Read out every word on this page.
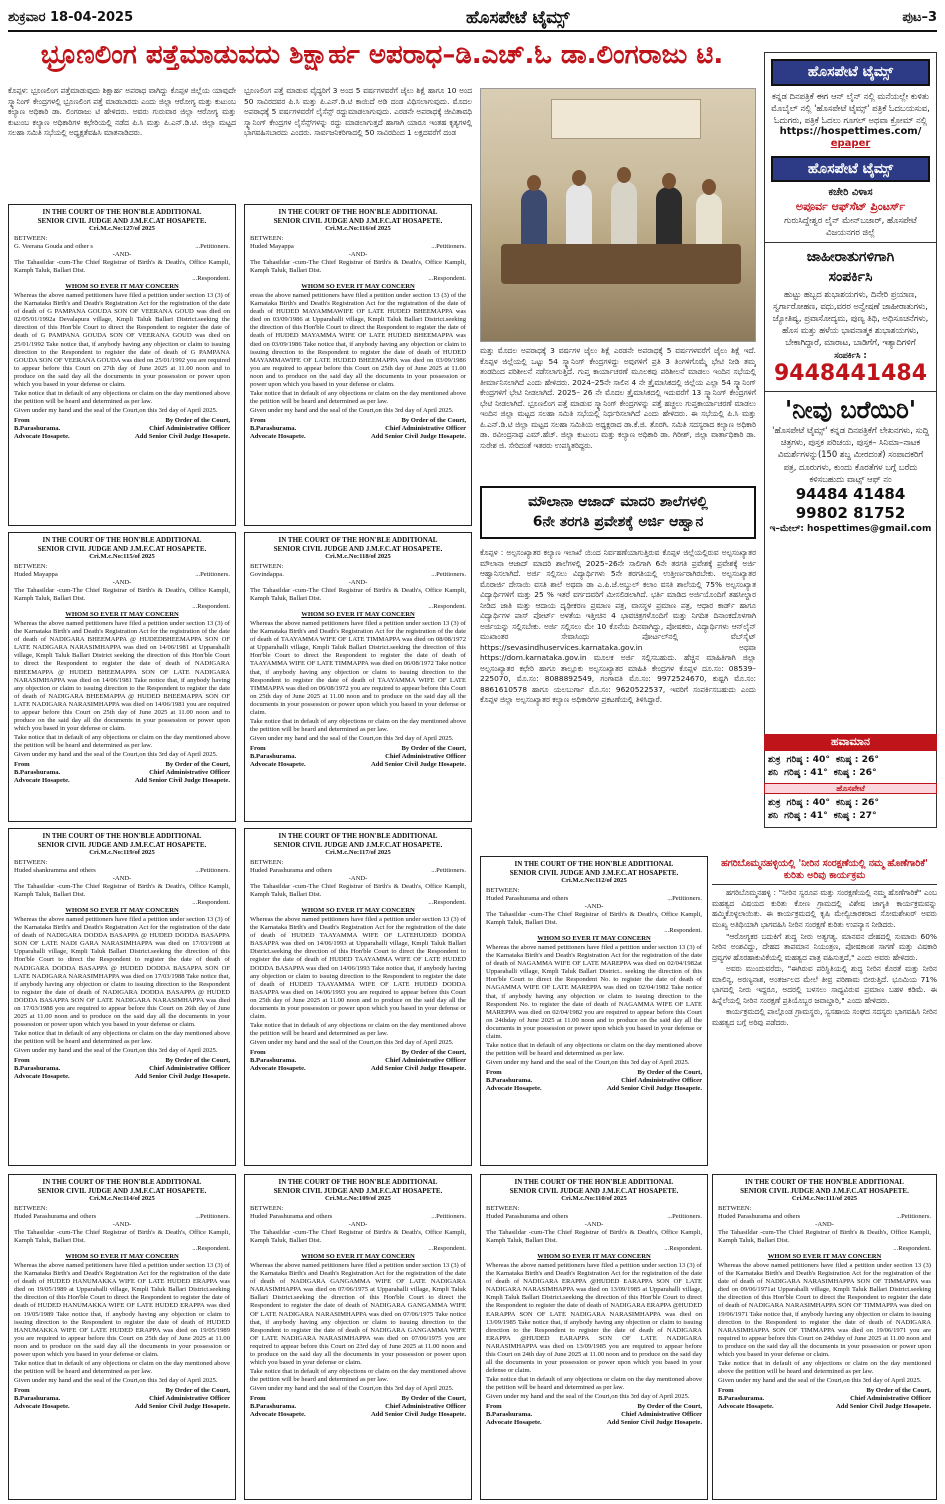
ಶುಕ್ರವಾರ 18-04-2025	ಹೊಸಪೇಟೆ ಟೈಮ್ಸ್	ಪುಟ–3
ಭ್ರೂಣಲಿಂಗ ಪತ್ತೆಮಾಡುವದು ಶಿಕ್ಷಾರ್ಹ ಅಪರಾಧ–ಡಿ.ಎಚ್.ಓ ಡಾ.ಲಿಂಗರಾಜು ಟಿ.
ಕೊಪ್ಪಳ: ಭ್ರೂಣಲಿಂಗ ಪತ್ತೆಮಾಡುವುದು ಶಿಕ್ಷಾರ್ಹ ಅಪರಾಧ ವಾಗಿದ್ದು ಕೊಪ್ಪಳ ಜಿಲ್ಲೆಯ ಯಾವುದೇ ಸ್ಕ್ಯಾನಿಂಗ್ ಕೇಂದ್ರಗಳಲ್ಲಿ ಭ್ರೂಣಲಿಂಗ ಪತ್ತೆ ಮಾಡಬಾರದು ಎಂದು ಜಿಲ್ಲಾ ಆರೋಗ್ಯ ಮತ್ತು ಕುಟುಂಬ ಕಲ್ಯಾಣ ಅಧಿಕಾರಿ ಡಾ. ಲಿಂಗರಾಜು ಟಿ ಹೇಳಿದರು. ಅವರು ಗುರುವಾರ ಜಿಲ್ಲಾ ಆರೋಗ್ಯ ಮತ್ತು ಕುಟುಂಬ ಕಲ್ಯಾಣ ಅಧಿಕಾರಿಗಳ ಕಛೇರಿಯಲ್ಲಿ ನಡೆದ ಪಿ.ಸಿ ಮತ್ತು ಪಿ.ಎನ್.ಡಿ.ಟಿ. ಜಿಲ್ಲಾ ಮಟ್ಟದ ಸಲಹಾ ಸಮಿತಿ ಸಭೆಯಲ್ಲಿ ಅಧ್ಯಕ್ಷತೆವಹಿಸಿ ಮಾತನಾಡಿದರು.
ಭ್ರೂಣಲಿಂಗ ಪತ್ತೆ ಮಾಡುವ ವೈದ್ಯರಿಗೆ 3 ಅಂದ 5 ವರ್ಷಗಳವರೆಗೆ ಜೈಲು ಶಿಕ್ಷೆ ಹಾಗೂ 10 ಅಂದ 50 ಸಾವಿರದವರ ಪಿ.ಸಿ ಮತ್ತು ಪಿ.ಎನ್.ಡಿ.ಟಿ ಕಾಯಿದೆ ಅಡಿ ದಂಡ ವಿಧಿಸಲಾಗುವುದು. ಮೊದಲ ಅಪರಾಧಕ್ಕೆ 5 ವರ್ಷಗಳವರೆಗೆ ಲೈಸೆನ್ಸ್ ರದ್ದುಮಾಡಲಾಗುವುದು. ಎರಡನೇ ಅಪರಾಧಕ್ಕೆ ಜೀವಿತಾವಧಿ ಸ್ಕ್ಯಾನಿಂಗ್ ಕೇಂದ್ರಗಳ ಲೈಸೆನ್ಸ್‌ಗಳನ್ನು ರದ್ದು ಮಾಡಲಾಗುತ್ತದೆ ಹಾಗಾಗಿ ಯಾರೂ ಇಂತಹ ಕೃತ್ಯಗಳಲ್ಲಿ ಭಾಗವಹಿಸಬಾರದು ಎಂದರು. ಸಾರ್ವಜನಿಕರಿಗಾದಲ್ಲಿ 50 ಸಾವಿರದಿಂದ 1 ಲಕ್ಷದವರೆಗೆ ದಂಡ
ಮತ್ತು ಮೊದಲ ಅಪರಾಧಕ್ಕೆ 3 ವರ್ಷಗಳ ಜೈಲು ಶಿಕ್ಷೆ ಎರಡನೇ ಅಪರಾಧಕ್ಕೆ 5 ವರ್ಷಗಳವರೆಗೆ ಜೈಲು ಶಿಕ್ಷೆ ಇದೆ. ಕೊಪ್ಪಳ ಜಿಲ್ಲೆಯಲ್ಲಿ ಒಟ್ಟು 54 ಸ್ಕ್ಯಾನಿಂಗ್ ಕೇಂದ್ರಗಳಿದ್ದು ಅವುಗಳಿಗೆ ಪ್ರತಿ 3 ತಿಂಗಳಿಗೊಮ್ಮೆ ಭೇಟಿ ನೀಡಿ ತಮ್ಮ ತಂಡದಿಂದ ಪರಿಶೀಲನೆ ನಡೆಸಲಾಗುತ್ತಿದೆ. ಗುಪ್ತ ಕಾರ್ಯಾಚರಣೆ ಮೂಲಕವು ಪರಿಶೀಲನೆ ಮಾಡಲು ಇಂದಿನ ಸಭೆಯಲ್ಲಿ ತೀರ್ಮಾನಿಸಲಾಗಿದೆ ಎಂದು ಹೇಳಿದರು. 2024–25ನೇ ಸಾಲಿನ 4 ನೇ ತ್ರೈಮಾಸಿಕದಲ್ಲಿ ಜಿಲ್ಲೆಯ ಎಲ್ಲಾ 54 ಸ್ಕ್ಯಾನಿಂಗ್ ಕೇಂದ್ರಗಳಿಗೆ ಭೇಟಿ ನೀಡಲಾಗಿದೆ. 2025– 26 ನೇ ಮೊದಲ ತ್ರೈಮಾಸಿಕದಲ್ಲಿ ಇದುವರೆಗೆ 13 ಸ್ಕ್ಯಾನಿಂಗ್ ಕೇಂದ್ರಗಳಿಗೆ ಭೇಟಿ ನೀಡಲಾಗಿದೆ. ಭ್ರೂಣಲಿಂಗ ಪತ್ತೆ ಮಾಡುವ ಸ್ಕ್ಯಾನಿಂಗ್ ಕೇಂದ್ರಗಳನ್ನು ಪತ್ತೆ ಹಚ್ಚಲು ಗುಪ್ತಕಾರ್ಯಾಚರಣೆ ಮಾಡಲು ಇಂದಿನ ಜಿಲ್ಲಾ ಮಟ್ಟದ ಸಲಹಾ ಸಮಿತಿ ಸಭೆಯಲ್ಲಿ ನಿರ್ಧರಿಸಲಾಗಿದೆ ಎಂದು ಹೇಳಿದರು. ಈ ಸಭೆಯಲ್ಲಿ ಪಿ.ಸಿ ಮತ್ತು ಪಿ.ಎನ್.ಡಿ.ಟಿ ಜಿಲ್ಲಾ ಮಟ್ಟದ ಸಲಹಾ ಸಮಿತಿಯ ಅಧ್ಯಕ್ಷರಾದ ಡಾ.ಕೆ.ಜಿ. ತೊರಗಿ. ಸಮಿತಿ ಸದಸ್ಯರಾದ ಕಲ್ಯಾಣ ಅಧಿಕಾರಿ ಡಾ. ರವೀಂದ್ರನಾಥ ಎಮ್.ಹೆಚ್. ಜಿಲ್ಲಾ ಕುಟುಂಬ ಮತ್ತು ಕಲ್ಯಾಣ ಅಧಿಕಾರಿ ಡಾ. ಗಿರೀಶ್, ಜಿಲ್ಲಾ ವಾರ್ತಾಧಿಕಾರಿ ಡಾ. ಸುರೇಶ ಜಿ. ಸೇರಿದಂತೆ ಇತರರು ಉಪಸ್ಥಿತರಿದ್ದರು.
ಮೌಲಾನಾ ಆಜಾದ್ ಮಾದರಿ ಶಾಲೆಗಳಲ್ಲಿ
6ನೇ ತರಗತಿ ಪ್ರವೇಶಕ್ಕೆ ಅರ್ಜಿ ಆಹ್ವಾನ
ಕೊಪ್ಪಳ : ಅಲ್ಪಸಂಖ್ಯಾತರ ಕಲ್ಯಾಣ ಇಲಾಖೆ ಯಿಂದ ನಿರ್ವಹಣೆಯಾಗುತ್ತಿರುವ ಕೊಪ್ಪಳ ಜಿಲ್ಲೆಯಲ್ಲಿರುವ ಅಲ್ಪಸಂಖ್ಯಾತರ ಮೌಲಾನಾ ಆಜಾದ್ ಮಾದರಿ ಶಾಲೆಗಳಲ್ಲಿ 2025–26ನೇ ಸಾಲಿಗಾಗಿ 6ನೇ ತರಗತಿ ಪ್ರವೇಶಕ್ಕೆ ಪ್ರವೇಶಕ್ಕೆ ಅರ್ಜಿ ಆಹ್ವಾನಿಸಲಾಗಿದೆ. ಅರ್ಜಿ ಸಲ್ಲಿಸಲು ವಿದ್ಯಾರ್ಥಿಗಳು 5ನೇ ತರಗತಿಯಲ್ಲಿ ಉತ್ತೀರ್ಣರಾಗಿರಬೇಕು. ಅಲ್ಪಸಂಖ್ಯಾತರ ಮೊರಾರ್ಜಿ ದೇಸಾಯಿ ವಸತಿ ಶಾಲೆ ಅಥವಾ ಡಾ ಎ.ಪಿ.ಜೆ.ಅಬ್ದುಲ್ ಕಲಾಂ ವಸತಿ ಶಾಲೆಯಲ್ಲಿ 75% ಅಲ್ಪಸಂಖ್ಯಾತ ವಿದ್ಯಾರ್ಥಿಗಳಿಗೆ ಮತ್ತು 25 % ಇತರೆ ವರ್ಗದವರಿಗೆ ಮೀಸಲಿಡಲಾಗಿದೆ. ಭರ್ತಿ ಮಾಡಿದ ಅರ್ಜಿಯೊಂದಿಗೆ ತಹಸೀಲ್ದಾರ ನೀಡಿದ ಜಾತಿ ಮತ್ತು ಆದಾಯ ದೃಢೀಕರಣ ಪ್ರಮಾಣ ಪತ್ರ, ವಾಸಸ್ಥಳ ಪ್ರಮಾಣ ಪತ್ರ, ಆಧಾರ ಕಾರ್ಡ್ ಹಾಗೂ ವಿದ್ಯಾರ್ಥಿಗಳ ಪಾಸ್ ಪೋರ್ಟ್ ಅಳತೆಯ ಇತ್ತೀಚಿನ 4 ಭಾವಚಿತ್ರಗಳೊಂದಿಗೆ ಮತ್ತು ನಿಗದಿತ ದಿನಾಂಕದೊಳಗಾಗಿ ಅರ್ಜಿಯನ್ನು ಸಲ್ಲಿಸಬೇಕು. ಅರ್ಜಿ ಸಲ್ಲಿಸಲು ಮೇ 10 ಕೊನೆಯ ದಿನವಾಗಿದ್ದು, ಪೋಷಕರು, ವಿದ್ಯಾರ್ಥಿಗಳು ಆನ್‌ಲೈನ್ ಮುಖಾಂತರ ಸೇವಾಸಿಂಧು ಪೋರ್ಟಲ್‌ನಲ್ಲಿ ವೆಬ್‌ಸೈಟ್ https://sevasindhuservices.karnataka.gov.in ಅಥವಾ https://dom.karnataka.gov.in ಮೂಲಕ ಅರ್ಜಿ ಸಲ್ಲಿಸಬಹುದು. ಹೆಚ್ಚಿನ ಮಾಹಿತಿಗಾಗಿ ಜಿಲ್ಲಾ ಅಲ್ಪಸಂಖ್ಯಾತರ ಕಛೇರಿ ಹಾಗೂ ತಾಲ್ಲೂಕು ಅಲ್ಪಸಂಖ್ಯಾತರ ಮಾಹಿತಿ ಕೇಂದ್ರಗಳ ಕೊಪ್ಪಳ ದೂ.ಸಂ: 08539–225070, ಮೊ.ಸಂ: 8088892549, ಗಂಗಾವತಿ ಮೊ.ಸಂ: 9972524670, ಕುಷ್ಟಗಿ ಮೊ.ಸಂ: 8861610578 ಹಾಗೂ ಯಲಬುರ್ಗಾ ಮೊ.ಸಂ: 9620522537, ಇವರಿಗೆ ಸಂಪರ್ಕಿಸಬಹುದು ಎಂದು ಕೊಪ್ಪಳ ಜಿಲ್ಲಾ ಅಲ್ಪಸಂಖ್ಯಾತರ ಕಲ್ಯಾಣ ಅಧಿಕಾರಿಗಳ ಪ್ರಕಟಣೆಯಲ್ಲಿ ತಿಳಿಸಿದ್ದಾರೆ.
IN THE COURT OF THE HON'BLE ADDITIONAL
SENIOR CIVIL JUDGE AND J.M.F.C.AT HOSAPETE.
Cri.M.c.No:127/of 2025
BETWEEN:
G. Veerana Gouda and other s	...Petitioners.
-AND-
The Tahasildar -cum-The Chief Registrar of Birth's & Death's, Office Kampli, Kamph Taluk, Ballari Dist.
...Respondent.
WHOM SO EVER IT MAY CONCERN
Whereas the above named petitioners have filed a petition under section 13 (3) of the Karnataka Birth's and Death's Registration Act for the registration of the date of death of G PAMPANA GOUDA SON OF VEERANA GOUD was died on 02/05/01/1992a Devalapura village, Kmpli Taluk Ballari District.seeking the direction of this Hon'ble Court to direct the Respondent to register the date of death of G PAMPANA GOUDA SON OF VEERANA GOUD was died on 25/01/1992 Take notice that, if anybody having any objection or claim to issuing direction to the Respondent to register the date of death of G PAMPANA GOUDA SON OF VEERANA GOUDA was died on 25/01/1992 you are required to appear before this Court on 27th day of June 2025 at 11.00 noon and to produce on the said day all the documents in your possession or power upon which you based in your defense or claim.
Take notice that in default of any objections or claim on the day mentioned above the petition will be heard and determined as per law.
Given under my hand and the seal of the Court,on this 3rd day of April 2025.
From
B.Parashurama.
Advocate Hosapete.
By Order of the Court,
Chief Administrative Officer
Add Senior Civil Judge Hosapete.
IN THE COURT OF THE HON'BLE ADDITIONAL
SENIOR CIVIL JUDGE AND J.M.F.C.AT HOSAPETE.
Cri.M.c.No:116/of 2025
BETWEEN:
Huded Mayappa	...Petitioners.
-AND-
The Tahasildar -cum-The Chief Registrar of Birth's & Death's, Office Kampli, Kamph Taluk, Ballari Dist.
...Respondent.
WHOM SO EVER IT MAY CONCERN
ereas the above named petitioners have filed a petition under section 13 (3) of the Karnataka Birth's and Death's Registration Act for the registration of the date of death of HUDED MAYAMMAWIFE OF LATE HUDED BHEEMAPPA was died on 03/09/1986 at Upparahalli village, Kmpli Taluk Ballari District.seeking the direction of this Hon'ble Court to direct the Respondent to register the date of death of HUDED MAYAMMA WIFE OF LATE HUDED BHEEMAPPA was died on 03/09/1986 Take notice that, if anybody having any objection or claim to issuing direction to the Respondent to register the date of death of HUDED MAYAMMAWIFE OF LATE HUDED BHEEMAPPA was died on 03/09/1986 you are required to appear before this Court on 25th day of June 2025 at 11.00 noon and to produce on the said day all the documents in your possession or power upon which you based in your defense or claim.
Take notice that in default of any objections or claim on the day mentioned above the petition will be heard and determined as per law.
Given under my hand and the seal of the Court,on this 3rd day of April 2025.
From
B.Parashurama.
Advocate Hosapete.
By Order of the Court,
Chief Administrative Officer
Add Senior Civil Judge Hosapete.
IN THE COURT OF THE HON'BLE ADDITIONAL
SENIOR CIVIL JUDGE AND J.M.F.C.AT HOSAPETE.
Cri.M.c.No:115/of 2025
BETWEEN:
Huded Mayappa	...Petitioners.
-AND-
The Tahasildar -cum-The Chief Registrar of Birth's & Death's, Office Kampli, Kamph Taluk, Ballari Dist.
...Respondent.
WHOM SO EVER IT MAY CONCERN
Whereas the above named petitioners have filed a petition under section 13 (3) of the Karnataka Birth's and Death's Registration Act for the registration of the date of death of NADIGARA BHEEMAPPA @ HUDEDBHEEMAPPA SON OF LATE NADIGARA NARASIMHAPPA was died on 14/06/1981 at Upparahalli village, Kmpli Taluk Ballari District seeking the direction of this Hon'ble Court to direct the Respondent to register the date of death of NADIGARA BHEEMAPPA @ HUDED BHEEMAPPA SON OF LATE NADIGARA NARASIMHAPPA was died on 14/06/1981 Take notice that, if anybody having any objection or claim to issuing direction to the Respondent to register the date of death of NADIGARA BHEEMAPPA @ HUDED BHEEMAPPA SON OF LATE NADIGARA NARASIMHAPPA was died on 14/06/1981 you are required to appear before this Court on 25th day of June 2025 at 11.00 noon and to produce on the said day all the documents in your possession or power upon which you based in your defense or claim.
Take notice that in default of any objections or claim on the day mentioned above the petition will be heard and determined as per law.
Given under my hand and the seal of the Court,on this 3rd day of April 2025.
From
B.Parashurama.
Advocate Hosapete.
By Order of the Court,
Chief Administrative Officer
Add Senior Civil Judge Hosapete.
IN THE COURT OF THE HON'BLE ADDITIONAL
SENIOR CIVIL JUDGE AND J.M.F.C.AT HOSAPETE.
Cri.M.c.No:118/of 2025
BETWEEN:
Govindappa.	...Petitioners.
-AND-
The Tahasildar -cum-The Chief Registrar of Birth's & Death's, Office Kampli, Kamph Taluk, Ballari Dist.
...Respondent.
WHOM SO EVER IT MAY CONCERN
Whereas the above named petitioners have filed a petition under section 13 (3) of the Karnataka Birth's and Death's Registration Act for the registration of the date of death of TAAYAMMA WIFE OF LATE TIMMAPPA was died on 08/08/1972 at Upparahalli village, Kmpli Taluk Ballari District.seeking the direction of this Hon'ble Court to direct the Respondent to register the date of death of TAAYAMMA WIFE OF LATE TIMMAPPA was died on 06/08/1972 Take notice that, if anybody having any objection or claim to issuing direction to the Respondent to register the date of death of TAAYAMMA WIFE OF LATE TIMMAPPA was died on 06/08/1972 you are required to appear before this Court on 25th day of June 2025 at 11.00 noon and to produce on the said day all the documents in your possession or power upon which you based in your defense or claim.
Take notice that in default of any objections or claim on the day mentioned above the petition will be heard and determined as per law.
Given under my hand and the seal of the Court,on this 3rd day of April 2025.
From
B.Parashurama.
Advocate Hosapete.
By Order of the Court,
Chief Administrative Officer
Add Senior Civil Judge Hosapete.
IN THE COURT OF THE HON'BLE ADDITIONAL
SENIOR CIVIL JUDGE AND J.M.F.C.AT HOSAPETE.
Cri.M.c.No:119/of 2025
BETWEEN:
Huded shankramma and others	...Petitioners.
-AND-
The Tahasildar -cum-The Chief Registrar of Birth's & Death's, Office Kampli, Kamph Taluk, Ballari Dist.
...Respondent.
WHOM SO EVER IT MAY CONCERN
Whereas the above named petitioners have filed a petition under section 13 (3) of the Karnataka Birth's and Death's Registration Act for the registration of the date of death of NADIGARA DODDA BASAPPA @ HUDED DODDA BASAPPA SON OF LATE NADI GARA NARASIMHAPPA was died on 17/03/1988 at Upparahalli village, Kmpli Taluk Ballari District.seeking the direction of this Hon'ble Court to direct the Respondent to register the date of death of NADIGARA DODDA BASAPPA @ HUDED DODDA BASAPPA SON OF LATE NADIGARA NARASIMHAPPA was died on 17/03/1988 Take notice that, if anybody having any objection or claim to issuing direction to the Respondent to register the date of death of NADIGARA DODDA BASAPPA @ HUDED DODDA BASAPPA SON OF LATE NADIGARA NARASIMHAPPA was died on 17/03/1988 you are required to appear before this Court on 26th day of June 2025 at 11.00 noon and to produce on the said day all the documents in your possession or power upon which you based in your defense or claim.
Take notice that in default of any objections or claim on the day mentioned above the petition will be heard and determined as per law.
Given under my hand and the seal of the Court,on this 3rd day of April 2025.
From
B.Parashurama.
Advocate Hosapete.
By Order of the Court,
Chief Administrative Officer
Add Senior Civil Judge Hosapete.
IN THE COURT OF THE HON'BLE ADDITIONAL
SENIOR CIVIL JUDGE AND J.M.F.C.AT HOSAPETE.
Cri.M.c.No:117/of 2025
BETWEEN:
Huded Parashurama and others	...Petitioners.
-AND-
The Tahasildar -cum-The Chief Registrar of Birth's & Death's, Office Kampli, Kamph Taluk, Ballari Dist.
...Respondent.
WHOM SO EVER IT MAY CONCERN
Whereas the above named petitioners have filed a petition under section 13 (3) of the Karnataka Birth's and Death's Registration Act for the registration of the date of death of HUDED TAAYAMMA WIFE OF LATEHUDED DODDA BASAPPA was died on 14/06/1993 at Upparahalli village, Kmpli Taluk Ballari District.seeking the direction of this Hon'ble Court to direct the Respondent to register the date of death of HUDED TAAYAMMA WIFE OF LATE HUDED DODDA BASAPPA was died on 14/06/1993 Take notice that, if anybody having any objection or claim to issuing direction to the Respondent to register the date of death of HUDED TAAYAMMA WIFE OF LATE HUDED DODDA BASAPPA was died on 14/06/1993 you are required to appear before this Court on 25th day of June 2025 at 11.00 noon and to produce on the said day all the documents in your possession or power upon which you based in your defense or claim.
Take notice that in default of any objections or claim on the day mentioned above the petition will be heard and determined as per law.
Given under my hand and the seal of the Court,on this 3rd day of April 2025.
From
B.Parashurama.
Advocate Hosapete.
By Order of the Court,
Chief Administrative Officer
Add Senior Civil Judge Hosapete.
IN THE COURT OF THE HON'BLE ADDITIONAL
SENIOR CIVIL JUDGE AND J.M.F.C.AT HOSAPETE.
Cri.M.c.No:112/of 2025
BETWEEN:
Huded Parashurama and others	...Petitioners.
-AND-
The Tahasildar -cum-The Chief Registrar of Birth's & Death's, Office Kampli, Kamph Taluk, Ballari Dist.
...Respondent.
WHOM SO EVER IT MAY CONCERN
Whereas the above named petitioners have filed a petition under section 13 (3) of the Karnataka Birth's and Death's Registration Act for the registration of the date of death of NAGAMMA WIFE OF LATE MAREPPA was died on 02/04/1982at Upparahalli village, Kmpli Taluk Ballari District.. seeking the direction of this Hon'ble Court to direct the Respondent No. to register the date of death of NAGAMMA WIFE OF LATE MAREPPA was died on 02/04/1982 Take notice that, if anybody having any objection or claim to issuing direction to the Respondent No. to register the date of death of NAGAMMA WIFE OF LATE MAREPPA was died on 02/04/1982 you are required to appear before this Court on 24thday of June 2025 at 11.00 noon and to produce on the said day all the documents in your possession or power upon which you based in your defense or claim.
Take notice that in default of any objections or claim on the day mentioned above the petition will be heard and determined as per law.
Given under my hand and the seal of the Court,on this 3rd day of April 2025.
From
B.Parashurama.
Advocate Hosapete.
By Order of the Court,
Chief Administrative Officer
Add Senior Civil Judge Hosapete.
IN THE COURT OF THE HON'BLE ADDITIONAL
SENIOR CIVIL JUDGE AND J.M.F.C.AT HOSAPETE.
Cri.M.c.No:114/of 2025
BETWEEN:
Huded Parashurama and others	...Petitioners.
-AND-
The Tahasildar -cum-The Chief Registrar of Birth's & Death's, Office Kampli, Kamph Taluk, Ballari Dist.
...Respondent.
WHOM SO EVER IT MAY CONCERN
Whereas the above named petitioners have filed a petition under section 13 (3) of the Karnataka Birth's and Death's Registration Act for the registration of the date of death of HUDED HANUMAKKA WIFE OF LATE HUDED ERAPPA was died on 19/05/1989 at Upparahalli village, Kmpli Taluk Ballari District.seeking the direction of this Hon'ble Court to direct the Respondent to register the date of death of HUDED HANUMAKKA WIFE OF LATE HUDED ERAPPA was died on 19/05/1989 Take notice that, if anybody having any objection or claim to issuing direction to the Respondent to register the date of death of HUDED HANUMAKKA WIFE OF LATE HUDED ERAPPA was died on 19/05/1989 you are required to appear before this Court on 25th day of June 2025 at 11.00 noon and to produce on the said day all the documents in your possession or power upon which you based in your defense or claim.
Take notice that in default of any objections or claim on the day mentioned above the petition will be heard and determined as per law.
Given under my hand and the seal of the Court,on this 3rd day of April 2025.
From
B.Parashurama.
Advocate Hosapete.
By Order of the Court,
Chief Administrative Officer
Add Senior Civil Judge Hosapete.
IN THE COURT OF THE HON'BLE ADDITIONAL
SENIOR CIVIL JUDGE AND J.M.F.C.AT HOSAPETE.
Cri.M.c.No:109/of 2025
BETWEEN:
Huded Parashurama and others	...Petitioners.
-AND-
The Tahasildar -cum-The Chief Registrar of Birth's & Death's, Office Kampli, Kamph Taluk, Ballari Dist.
...Respondent.
WHOM SO EVER IT MAY CONCERN
Whereas the above named petitioners have filed a petition under section 13 (3) of the Karnataka Birth's and Death's Registration Act for the registration of the date of death of NADIGARA GANGAMMA WIFE OF LATE NADIGARA NARASIMHAPPA was died on 07/06/1975 at Upparahalli village, Kmpli Taluk Ballari District.seeking the direction of this Hon'ble Court to direct the Respondent to register the date of death of NADIGARA GANGAMMA WIFE OF LATE NADIGARA NARASIMHAPPA was died on 07/06/1975 Take notice that, if anybody having any objection or claim to issuing direction to the Respondent to register the date of death of NADIGARA GANGAMMA WIFE OF LATE NADIGARA NARASIMHAPPA was died on 07/06/1975 you are required to appear before this Court on 23rd day of June 2025 at 11.00 noon and to produce on the said day all the documents in your possession or power upon which you based in your defense or claim.
Take notice that in default of any objections or claim on the day mentioned above the petition will be heard and determined as per law.
Given under my hand and the seal of the Court,on this 3rd day of April 2025.
From
B.Parashurama.
Advocate Hosapete.
By Order of the Court,
Chief Administrative Officer
Add Senior Civil Judge Hosapete.
IN THE COURT OF THE HON'BLE ADDITIONAL
SENIOR CIVIL JUDGE AND J.M.F.C.AT HOSAPETE.
Cri.M.c.No:110/of 2025
BETWEEN:
Huded Parashurama and others	...Petitioners.
-AND-
The Tahasildar -cum-The Chief Registrar of Birth's & Death's, Office Kampli, Kamph Taluk, Ballari Dist.
...Respondent.
WHOM SO EVER IT MAY CONCERN
Whereas the above named petitioners have filed a petition under section 13 (3) of the Karnataka Birth's and Death's Registration Act for the registration of the date of death of NADIGARA ERAPPA @HUDED EARAPPA SON OF LATE NADIGARA NARASIMHAPPA was died on 13/09/1985 at Upparahalli village, Kmpli Taluk Ballari District.seeking the direction of this Hon'ble Court to direct the Respondent to register the date of death of NADIGARA ERAPPA @HUDED EARAPPA SON OF LATE NADIGARA NARASIMHAPPA was died on 13/09/1985 Take notice that, if anybody having any objection or claim to issuing direction to the Respondent to register the date of death of NADIGARA ERAPPA @HUDED EARAPPA SON OF LATE NADIGARA NARASIMHAPPA was died on 13/09/1985 you are required to appear before this Court on 24th day of June 2025 at 11.00 noon and to produce on the said day all the documents in your possession or power upon which you based in your defense or claim.
Take notice that in default of any objections or claim on the day mentioned above the petition will be heard and determined as per law.
Given under my hand and the seal of the Court,on this 3rd day of April 2025.
From
B.Parashurama.
Advocate Hosapete.
By Order of the Court,
Chief Administrative Officer
Add Senior Civil Judge Hosapete.
IN THE COURT OF THE HON'BLE ADDITIONAL
SENIOR CIVIL JUDGE AND J.M.F.C.AT HOSAPETE.
Cri.M.c.No:111/of 2025
BETWEEN:
Huded Parashurama and others	...Petitioners.
-AND-
The Tahasildar -cum-The Chief Registrar of Birth's & Death's, Office Kampli, Kamph Taluk, Ballari Dist.
...Respondent.
WHOM SO EVER IT MAY CONCERN
Whereas the above named petitioners have filed a petition under section 13 (3) of the Karnataka Birth's and Death's Registration Act for the registration of the date of death of NADIGARA NARASIMHAPPA SON OF TIMMAPPA was died on 09/06/1971at Upparahalli village, Kmpli Taluk Ballari District.seeking the direction of this Hon'ble Court to direct the Respondent to register the date of death of NADIGARA NARASIMHAPPA SON OF TIMMAPPA was died on 19/06/1971 Take notice that, if anybody having any objection or claim to issuing direction to the Respondent to register the date of death of NADIGARA NARASIMHAPPA SON OF TIMMAPPA was died on 19/06/1971 you are required to appear before this Court on 24thday of June 2025 at 11.00 noon and to produce on the said day all the documents in your possession or power upon which you based in your defense or claim.
Take notice that in default of any objections or claim on the day mentioned above the petition will be heard and determined as per law.
Given under my hand and the seal of the Court,on this 3rd day of April 2025.
From
B.Parashurama.
Advocate Hosapete.
By Order of the Court,
Chief Administrative Officer
Add Senior Civil Judge Hosapete.
ಹೊಸಪೇಟೆ ಟೈಮ್ಸ್
ಕನ್ನಡ ದಿನಪತ್ರಿಕೆ ಈಗ ಆನ್ ಲೈನ್ ನಲ್ಲಿ ಮನೆಯಲ್ಲೇ ಕುಳಿತು ಮೊಬೈಲ್ ನಲ್ಲಿ 'ಹೊಸಪೇಟೆ ಟೈಮ್ಸ್' ಪತ್ರಿಕೆ ಓದಬಯಸುವ, ಓದುಗರು, ಪತ್ರಿಕೆ ಓದಲು ಗೂಗಲ್ ಅಥವಾ ಕ್ರೋಮ್ ನಲ್ಲಿ
https://hospettimes.com/
epaper
ಹೊಸಪೇಟೆ ಟೈಮ್ಸ್
ಕಚೇರಿ ವಿಳಾಸ
ಅಪೂರ್ವ ಆಫ್‌ಸೆಟ್ ಪ್ರಿಂಟರ್ಸ್
ಗುರುಸಿದ್ದೇಶ್ವರ ಲೈನ್ ಮೇನ್‌ಬಜಾರ್, ಹೊಸಪೇಟೆ ವಿಜಯನಗರ ಜಿಲ್ಲೆ
ಜಾಹೀರಾತುಗಳಿಗಾಗಿ
ಸಂಪರ್ಕಿಸಿ
ಹುಟ್ಟು ಹಬ್ಬದ ಶುಭಾಶಯಗಳು, ದಿನೇರಿ ಪ್ರಯಾಣ, ಸ್ವರ್ಗಾರೋಹಣ, ವಧು,ವರರ ಅನ್ವೇಷಣೆ ಜಾಹೀರಾತುಗಳು, ಜ್ಯೋತಿಷ್ಯ, ಪ್ರವಾಸೋದ್ಯಮ, ಪುಣ್ಯ ತಿಥಿ, ಅಧಿಸೂಚನೆಗಳು, ಹೊಸ ಮತ್ತು ಹಳೆಯ ಭಾವನಾತ್ಮಕ ಶುಭಾಶಯಗಳು, ಬೇಕಾಗಿದ್ದಾರೆ, ಮಾರಾಟ, ಬಾಡಿಗೆಗೆ, ಇತ್ಯಾದಿಗಳಿಗೆ
ಸಂಪರ್ಕಿಸಿ :
9448441484
'ನೀವು ಬರೆಯಿರಿ'
'ಹೊಸಪೇಟೆ ಟೈಮ್ಸ್' ಕನ್ನಡ ದಿನಪತ್ರಿಕೆಗೆ ಲೇಖನಗಳು, ಸುದ್ದಿ ಚಿತ್ರಗಳು, ಪುಸ್ತಕ ಪರಿಚಯ, ಪುಸ್ತಕ– ಸಿನಿಮಾ–ನಾಟಕ ವಿಮರ್ಶೆಗಳನ್ನು(150 ಶಬ್ದ ಮೀರದಂತೆ) ಸಂಪಾದಕರಿಗೆ ಪತ್ರ, ದೂರುಗಳು, ಕುಂದು ಕೊರತೆಗಳ ಬಗ್ಗೆ ಬರೆದು ಕಳಿಸಬಹುದು ವಾಟ್ಸ್ ಆಫ್ ನಂ
94484 41484
99802 81752
ಇ–ಮೇಲ್: hospettimes@gmail.com
ಹವಾಮಾನ
ಶುಕ್ರ ಗರಿಷ್ಠ : 40° ಕನಿಷ್ಠ : 26°
ಶನಿ ಗರಿಷ್ಠ : 41° ಕನಿಷ್ಠ : 26°
ಹೊಸಪೇಟೆ
ಶುಕ್ರ ಗರಿಷ್ಠ : 40° ಕನಿಷ್ಠ : 26°
ಶನಿ ಗರಿಷ್ಠ : 41° ಕನಿಷ್ಠ : 27°
ಹಗರಿಬೊಮ್ಮನಹಳ್ಳಿಯಲ್ಲಿ 'ನೀರಿನ ಸಂರಕ್ಷಣೆಯಲ್ಲಿ ನಮ್ಮ ಹೊಣೆಗಾರಿಕೆ' ಕುರಿತು ಅರಿವು ಕಾರ್ಯಕ್ರಮ

ಹಗರಿಬೊಮ್ಮನಹಳ್ಳಿ : "ನೀರಿನ ಸ್ವರೂಪ ಮತ್ತು ಸಂರಕ್ಷಣೆಯಲ್ಲಿ ನಮ್ಮ ಹೊಣೆಗಾರಿಕೆ" ಎಂಬ ಮಹತ್ವದ ವಿಷಯದ ಕುರಿತು ಕೋಣ ಗ್ರಾಮದಲ್ಲಿ ವಿಶೇಷ ಜಾಗೃತಿ ಕಾರ್ಯಕ್ರಮವನ್ನು ಹಮ್ಮಿಕೊಳ್ಳಲಾಯಿತು. ಈ ಕಾರ್ಯಕ್ರಮದಲ್ಲಿ ಕೃಷಿ ಮೇಲ್ವಿಚಾರಕರಾದ ಸೋಮಶೇಖರ್ ಅವರು ಮುಖ್ಯ ಅತಿಥಿಯಾಗಿ ಭಾಗವಹಿಸಿ ನೀರಿನ ಸಂರಕ್ಷಣೆ ಕುರಿತು ಉಪನ್ಯಾಸ ನೀಡಿದರು.

"ಆರೋಗ್ಯಕರ ಬದುಕಿಗೆ ಶುದ್ಧ ನೀರು ಅತ್ಯಗತ್ಯ. ಮಾನವನ ದೇಹದಲ್ಲಿ ಸುಮಾರು 60% ನೀರಿನ ಅಂಶವಿದ್ದು, ದೇಹದ ತಾಪಮಾನ ನಿಯಂತ್ರಣ, ಪೋಷಕಾಂಶ ಸಾಗಣೆ ಮತ್ತು ವಿಷಕಾರಿ ದ್ರವ್ಯಗಳ ಹೊರಹಾಕುವಿಕೆಯಲ್ಲಿ ಮಹತ್ವದ ಪಾತ್ರ ವಹಿಸುತ್ತದೆ," ಎಂದು ಅವರು ಹೇಳಿದರು.

ಅವರು ಮುಂದುವರೆದು, "ಈಗಿರುವ ಪರಿಸ್ಥಿತಿಯಲ್ಲಿ ಶುದ್ಧ ನೀರಿನ ಕೊರತೆ ಮತ್ತು ನೀರಿನ ಮಾಲಿನ್ಯ, ಅರಣ್ಯನಾಶ, ಅಂತರ್ಜಲದ ಮೇಲೆ ತೀವ್ರ ಪರಿಣಾಮ ಬೀರುತ್ತಿದೆ. ಭೂಮಿಯ 71% ಭಾಗದಲ್ಲಿ ನೀರು ಇದ್ದರೂ, ಅದರಲ್ಲಿ ಬಳಸಲು ಸಾಧ್ಯವಿರುವ ಪ್ರಮಾಣ ಬಹಳ ಕಡಿಮೆ. ಈ ಹಿನ್ನೆಲೆಯಲ್ಲಿ ನೀರಿನ ಸಂರಕ್ಷಣೆ ಪ್ರತಿಯೊಬ್ಬರ ಜವಾಬ್ದಾರಿ," ಎಂದು ಹೇಳಿದರು.

ಕಾರ್ಯಕ್ರಮದಲ್ಲಿ ಪಾಲ್ಗೊಂಡ ಗ್ರಾಮಸ್ಥರು, ಸ್ವಸಹಾಯ ಸಂಘದ ಸದಸ್ಯರು ಭಾಗವಹಿಸಿ ನೀರಿನ ಮಹತ್ವದ ಬಗ್ಗೆ ಅರಿವು ಪಡೆದರು.
